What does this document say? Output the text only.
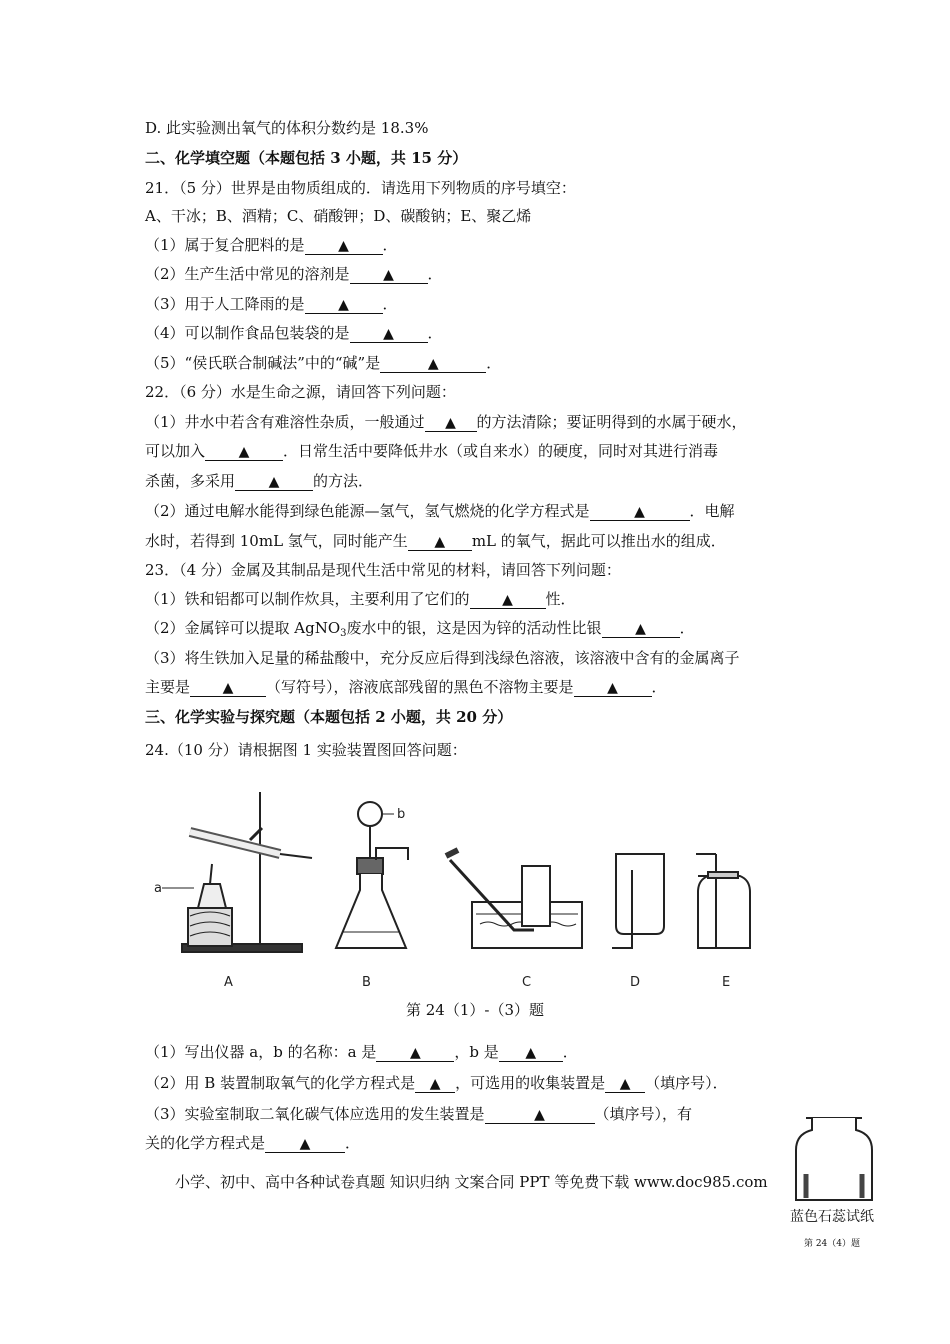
D. 此实验测出氧气的体积分数约是 18.3%
二、化学填空题（本题包括 3 小题，共 15 分）
21．（5 分）世界是由物质组成的．请选用下列物质的序号填空：
A、干冰；B、酒精；C、硝酸钾；D、碳酸钠；E、聚乙烯
（1）属于复合肥料的是 ▲ ．
（2）生产生活中常见的溶剂是 ▲ ．
（3）用于人工降雨的是 ▲ ．
（4）可以制作食品包装袋的是 ▲ ．
（5）“侯氏联合制碱法”中的“碱”是	▲	．
22．（6 分）水是生命之源，请回答下列问题：
（1）井水中若含有难溶性杂质，一般通过 ▲ 的方法清除；要证明得到的水属于硬水，
可以加入 ▲ ．日常生活中要降低井水（或自来水）的硬度，同时对其进行消毒
杀菌，多采用 ▲ 的方法．
（2）通过电解水能得到绿色能源—氢气，氢气燃烧的化学方程式是	▲	．电解
水时，若得到 10mL 氢气，同时能产生 ▲ mL 的氧气，据此可以推出水的组成．
23．（4 分）金属及其制品是现代生活中常见的材料，请回答下列问题：
（1）铁和铝都可以制作炊具，主要利用了它们的 ▲ 性．
（2）金属锌可以提取 AgNO$_3$废水中的银，这是因为锌的活动性比银 ▲ ．
（3）将生铁加入足量的稀盐酸中，充分反应后得到浅绿色溶液，该溶液中含有的金属离子
主要是 ▲ （写符号），溶液底部残留的黑色不溶物主要是 ▲ ．
三、化学实验与探究题（本题包括 2 小题，共 20 分）
24.（10 分）请根据图 1 实验装置图回答问题：
（1）写出仪器 a，b 的名称：a 是 ▲ ，b 是 ▲ ．
（2）用 B 装置制取氧气的化学方程式是 ▲ ，可选用的收集装置是 ▲ （填序号）．
（3）实验室制取二氧化碳气体应选用的发生装置是	▲	（填序号），有
关的化学方程式是 ▲ ．
小学、初中、高中各种试卷真题 知识归纳 文案合同 PPT 等免费下载 www.doc985.com
a
b
A	B	C	D	E
第 24（1）-（3）题
蓝色石蕊试纸
第 24（4）题
